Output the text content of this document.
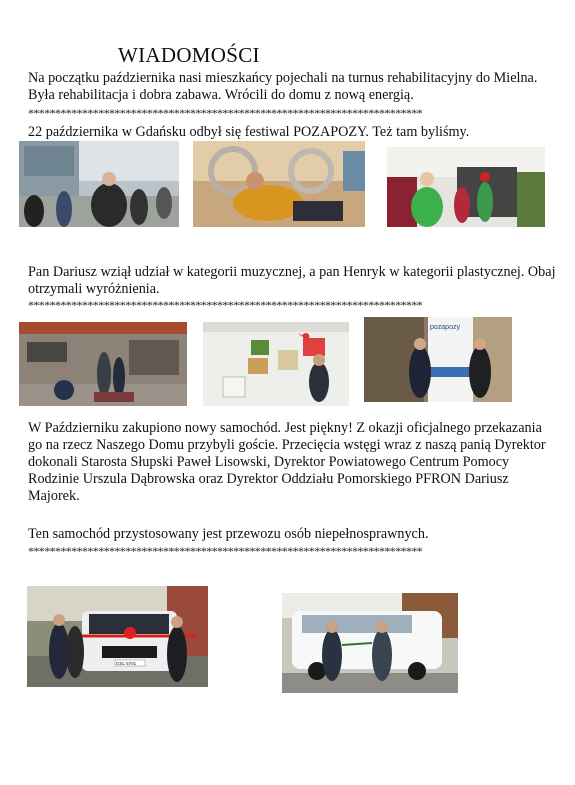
WIADOMOŚCI
Na początku października nasi mieszkańcy pojechali na turnus rehabilitacyjny do Mielna. Była rehabilitacja i dobra zabawa. Wrócili do domu z nową energią.
*************************************************************************
22 października w Gdańsku odbył się festiwal POZAPOZY. Też tam byliśmy.
Pan Dariusz wziął udział w kategorii muzycznej, a pan Henryk w kategorii plastycznej. Obaj otrzymali wyróżnienia.
*************************************************************************
pozapozy
W Październiku zakupiono nowy samochód. Jest piękny! Z okazji oficjalnego przekazania go na rzecz Naszego Domu przybyli goście. Przecięcia wstęgi wraz z naszą panią Dyrektor dokonali Starosta Słupski Paweł Lisowski, Dyrektor Powiatowego Centrum Pomocy Rodzinie Urszula Dąbrowska oraz Dyrektor Oddziału Pomorskiego PFRON Dariusz Majorek.
Ten samochód przystosowany jest przewozu osób niepełnosprawnych.
*************************************************************************
GSL 5701
